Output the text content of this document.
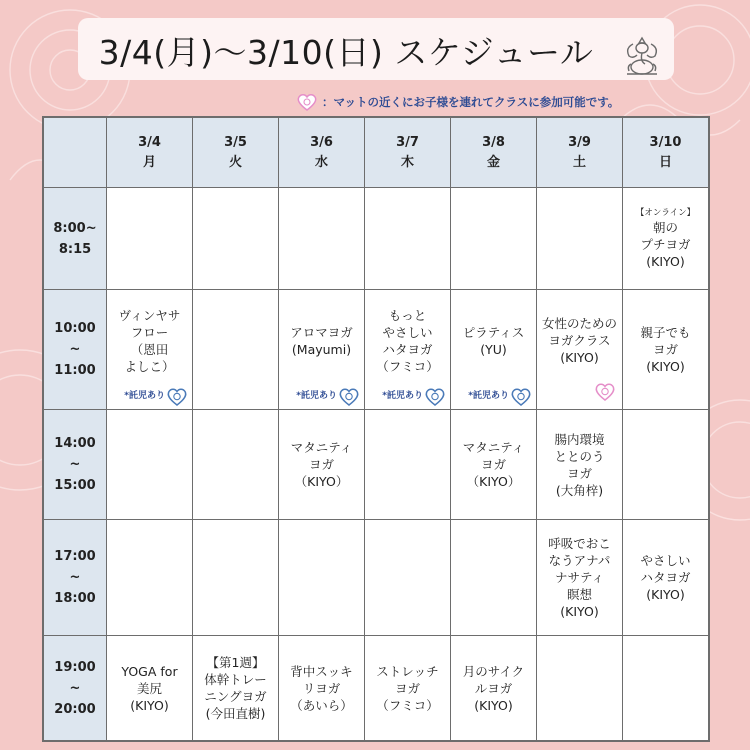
3/4(月)〜3/10(日) スケジュール
：マットの近くにお子様を連れてクラスに参加可能です。
3/4
月
3/5
火
3/6
水
3/7
木
3/8
金
3/9
土
3/10
日
8:00~
8:15
【オンライン】
朝の
プチヨガ
(KIYO)
10:00
~
11:00
ヴィンヤサ
フロー
（恩田
よしこ）
*託児あり
アロマヨガ
(Mayumi)
*託児あり
もっと
やさしい
ハタヨガ
（フミコ）
*託児あり
ピラティス
(YU)
*託児あり
女性のための
ヨガクラス
(KIYO)
親子でも
ヨガ
(KIYO)
14:00
~
15:00
マタニティ
ヨガ
（KIYO）
マタニティ
ヨガ
（KIYO）
腸内環境
ととのう
ヨガ
(大角梓)
17:00
~
18:00
呼吸でおこ
なうアナパ
ナサティ
瞑想
(KIYO)
やさしい
ハタヨガ
(KIYO)
19:00
~
20:00
YOGA for
美尻
(KIYO)
【第1週】
体幹トレー
ニングヨガ
(今田直樹)
背中スッキ
リヨガ
（あいら）
ストレッチ
ヨガ
（フミコ）
月のサイク
ルヨガ
(KIYO)
